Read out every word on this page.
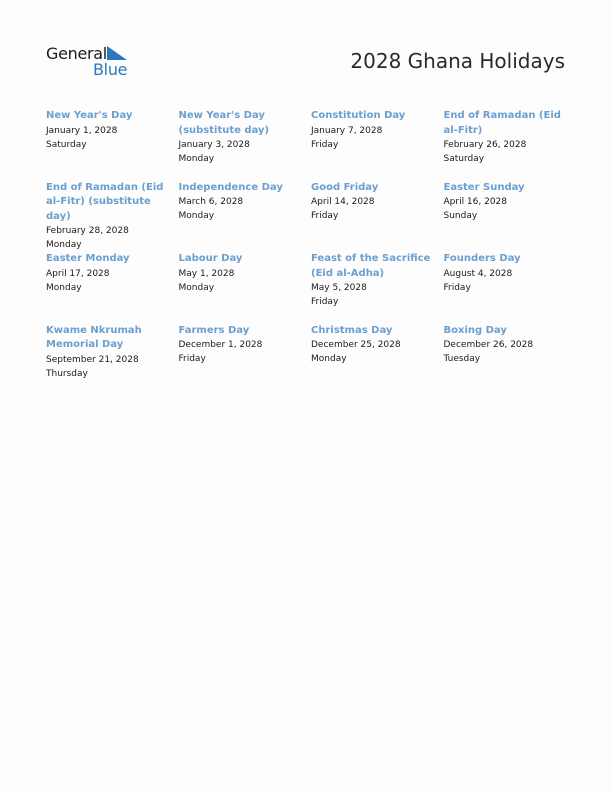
General
Blue	2028 Ghana Holidays
New Year's Day
January 1, 2028
Saturday
New Year's Day (substitute day)
January 3, 2028
Monday
Constitution Day
January 7, 2028
Friday
End of Ramadan (Eid al-Fitr)
February 26, 2028
Saturday
End of Ramadan (Eid al-Fitr) (substitute day)
February 28, 2028
Monday
Independence Day
March 6, 2028
Monday
Good Friday
April 14, 2028
Friday
Easter Sunday
April 16, 2028
Sunday
Easter Monday
April 17, 2028
Monday
Labour Day
May 1, 2028
Monday
Feast of the Sacrifice (Eid al-Adha)
May 5, 2028
Friday
Founders Day
August 4, 2028
Friday
Kwame Nkrumah Memorial Day
September 21, 2028
Thursday
Farmers Day
December 1, 2028
Friday
Christmas Day
December 25, 2028
Monday
Boxing Day
December 26, 2028
Tuesday
